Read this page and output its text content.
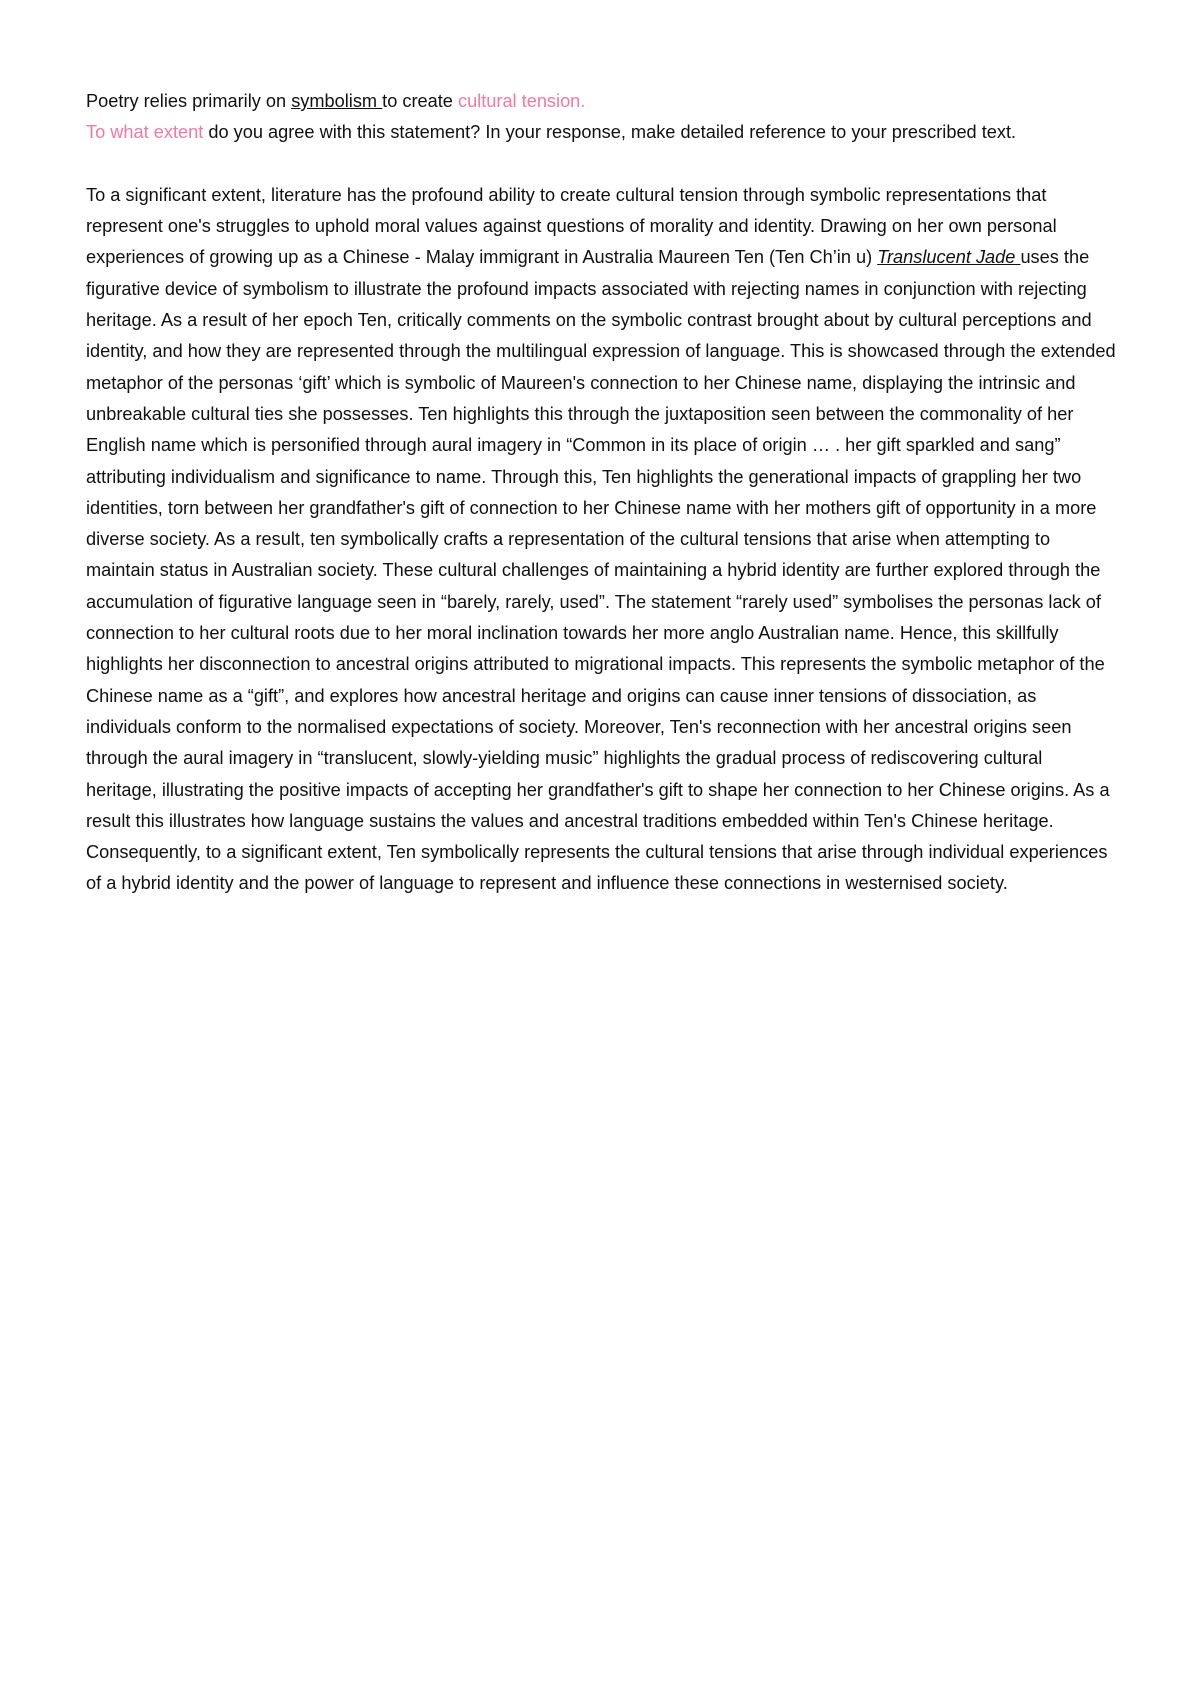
Poetry relies primarily on symbolism to create cultural tension.

To what extent do you agree with this statement? In your response, make detailed reference to your prescribed text.

To a significant extent, literature has the profound ability to create cultural tension through symbolic representations that represent one's struggles to uphold moral values against questions of morality and identity. Drawing on her own personal experiences of growing up as a Chinese - Malay immigrant in Australia Maureen Ten (Ten Ch’in u) Translucent Jade uses the figurative device of symbolism to illustrate the profound impacts associated with rejecting names in conjunction with rejecting heritage. As a result of her epoch Ten, critically comments on the symbolic contrast brought about by cultural perceptions and identity, and how they are represented through the multilingual expression of language. This is showcased through the extended metaphor of the personas ‘gift’ which is symbolic of Maureen's connection to her Chinese name, displaying the intrinsic and unbreakable cultural ties she possesses. Ten highlights this through the juxtaposition seen between the commonality of her English name which is personified through aural imagery in “Common in its place of origin … . her gift sparkled and sang” attributing individualism and significance to name. Through this, Ten highlights the generational impacts of grappling her two identities, torn between her grandfather's gift of connection to her Chinese name with her mothers gift of opportunity in a more diverse society. As a result, ten symbolically crafts a representation of the cultural tensions that arise when attempting to maintain status in Australian society. These cultural challenges of maintaining a hybrid identity are further explored through the accumulation of figurative language seen in “barely, rarely, used”. The statement “rarely used” symbolises the personas lack of connection to her cultural roots due to her moral inclination towards her more anglo Australian name. Hence, this skillfully highlights her disconnection to ancestral origins attributed to migrational impacts. This represents the symbolic metaphor of the Chinese name as a “gift”, and explores how ancestral heritage and origins can cause inner tensions of dissociation, as individuals conform to the normalised expectations of society. Moreover, Ten's reconnection with her ancestral origins seen through the aural imagery in “translucent, slowly-yielding music” highlights the gradual process of rediscovering cultural heritage, illustrating the positive impacts of accepting her grandfather's gift to shape her connection to her Chinese origins. As a result this illustrates how language sustains the values and ancestral traditions embedded within Ten's Chinese heritage. Consequently, to a significant extent, Ten symbolically represents the cultural tensions that arise through individual experiences of a hybrid identity and the power of language to represent and influence these connections in westernised society.
